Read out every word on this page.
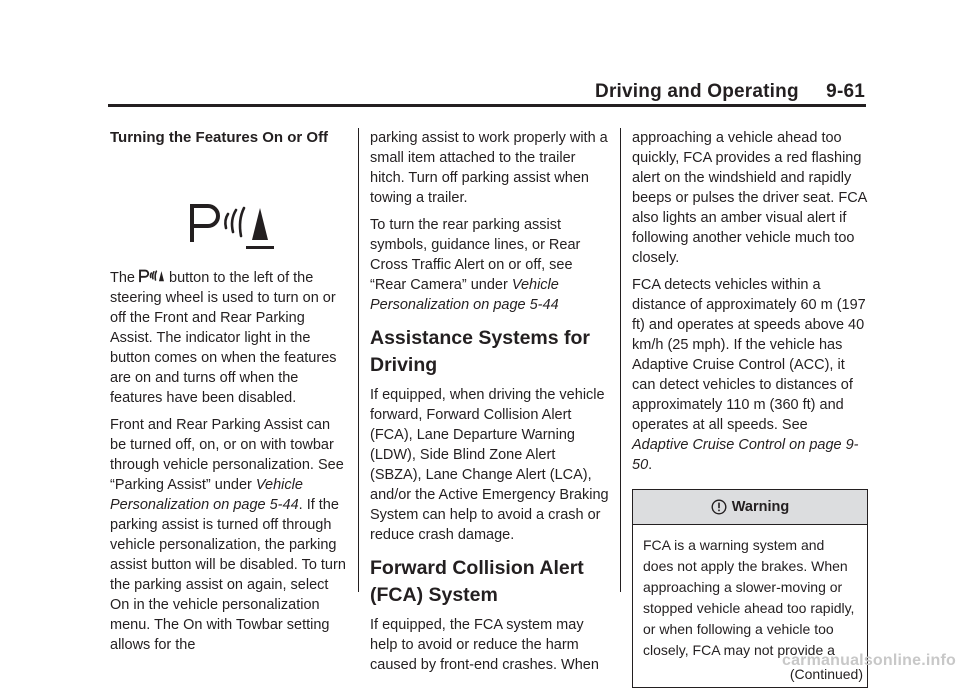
Driving and Operating 9-61
Turning the Features On or Off

The button to the left of the steering wheel is used to turn on or off the Front and Rear Parking Assist. The indicator light in the button comes on when the features are on and turns off when the features have been disabled.

Front and Rear Parking Assist can be turned off, on, or on with towbar through vehicle personalization. See “Parking Assist” under Vehicle Personalization on page 5-44. If the parking assist is turned off through vehicle personalization, the parking assist button will be disabled. To turn the parking assist on again, select On in the vehicle personalization menu. The On with Towbar setting allows for the

parking assist to work properly with a small item attached to the trailer hitch. Turn off parking assist when towing a trailer.

To turn the rear parking assist symbols, guidance lines, or Rear Cross Traffic Alert on or off, see “Rear Camera” under Vehicle Personalization on page 5-44

Assistance Systems for Driving

If equipped, when driving the vehicle forward, Forward Collision Alert (FCA), Lane Departure Warning (LDW), Side Blind Zone Alert (SBZA), Lane Change Alert (LCA), and/or the Active Emergency Braking System can help to avoid a crash or reduce crash damage.

Forward Collision Alert (FCA) System

If equipped, the FCA system may help to avoid or reduce the harm caused by front-end crashes. When

approaching a vehicle ahead too quickly, FCA provides a red flashing alert on the windshield and rapidly beeps or pulses the driver seat. FCA also lights an amber visual alert if following another vehicle much too closely.

FCA detects vehicles within a distance of approximately 60 m (197 ft) and operates at speeds above 40 km/h (25 mph). If the vehicle has Adaptive Cruise Control (ACC), it can detect vehicles to distances of approximately 110 m (360 ft) and operates at all speeds. See Adaptive Cruise Control on page 9-50.

Warning
FCA is a warning system and does not apply the brakes. When approaching a slower-moving or stopped vehicle ahead too rapidly, or when following a vehicle too closely, FCA may not provide a
(Continued)
carmanualsonline.info
